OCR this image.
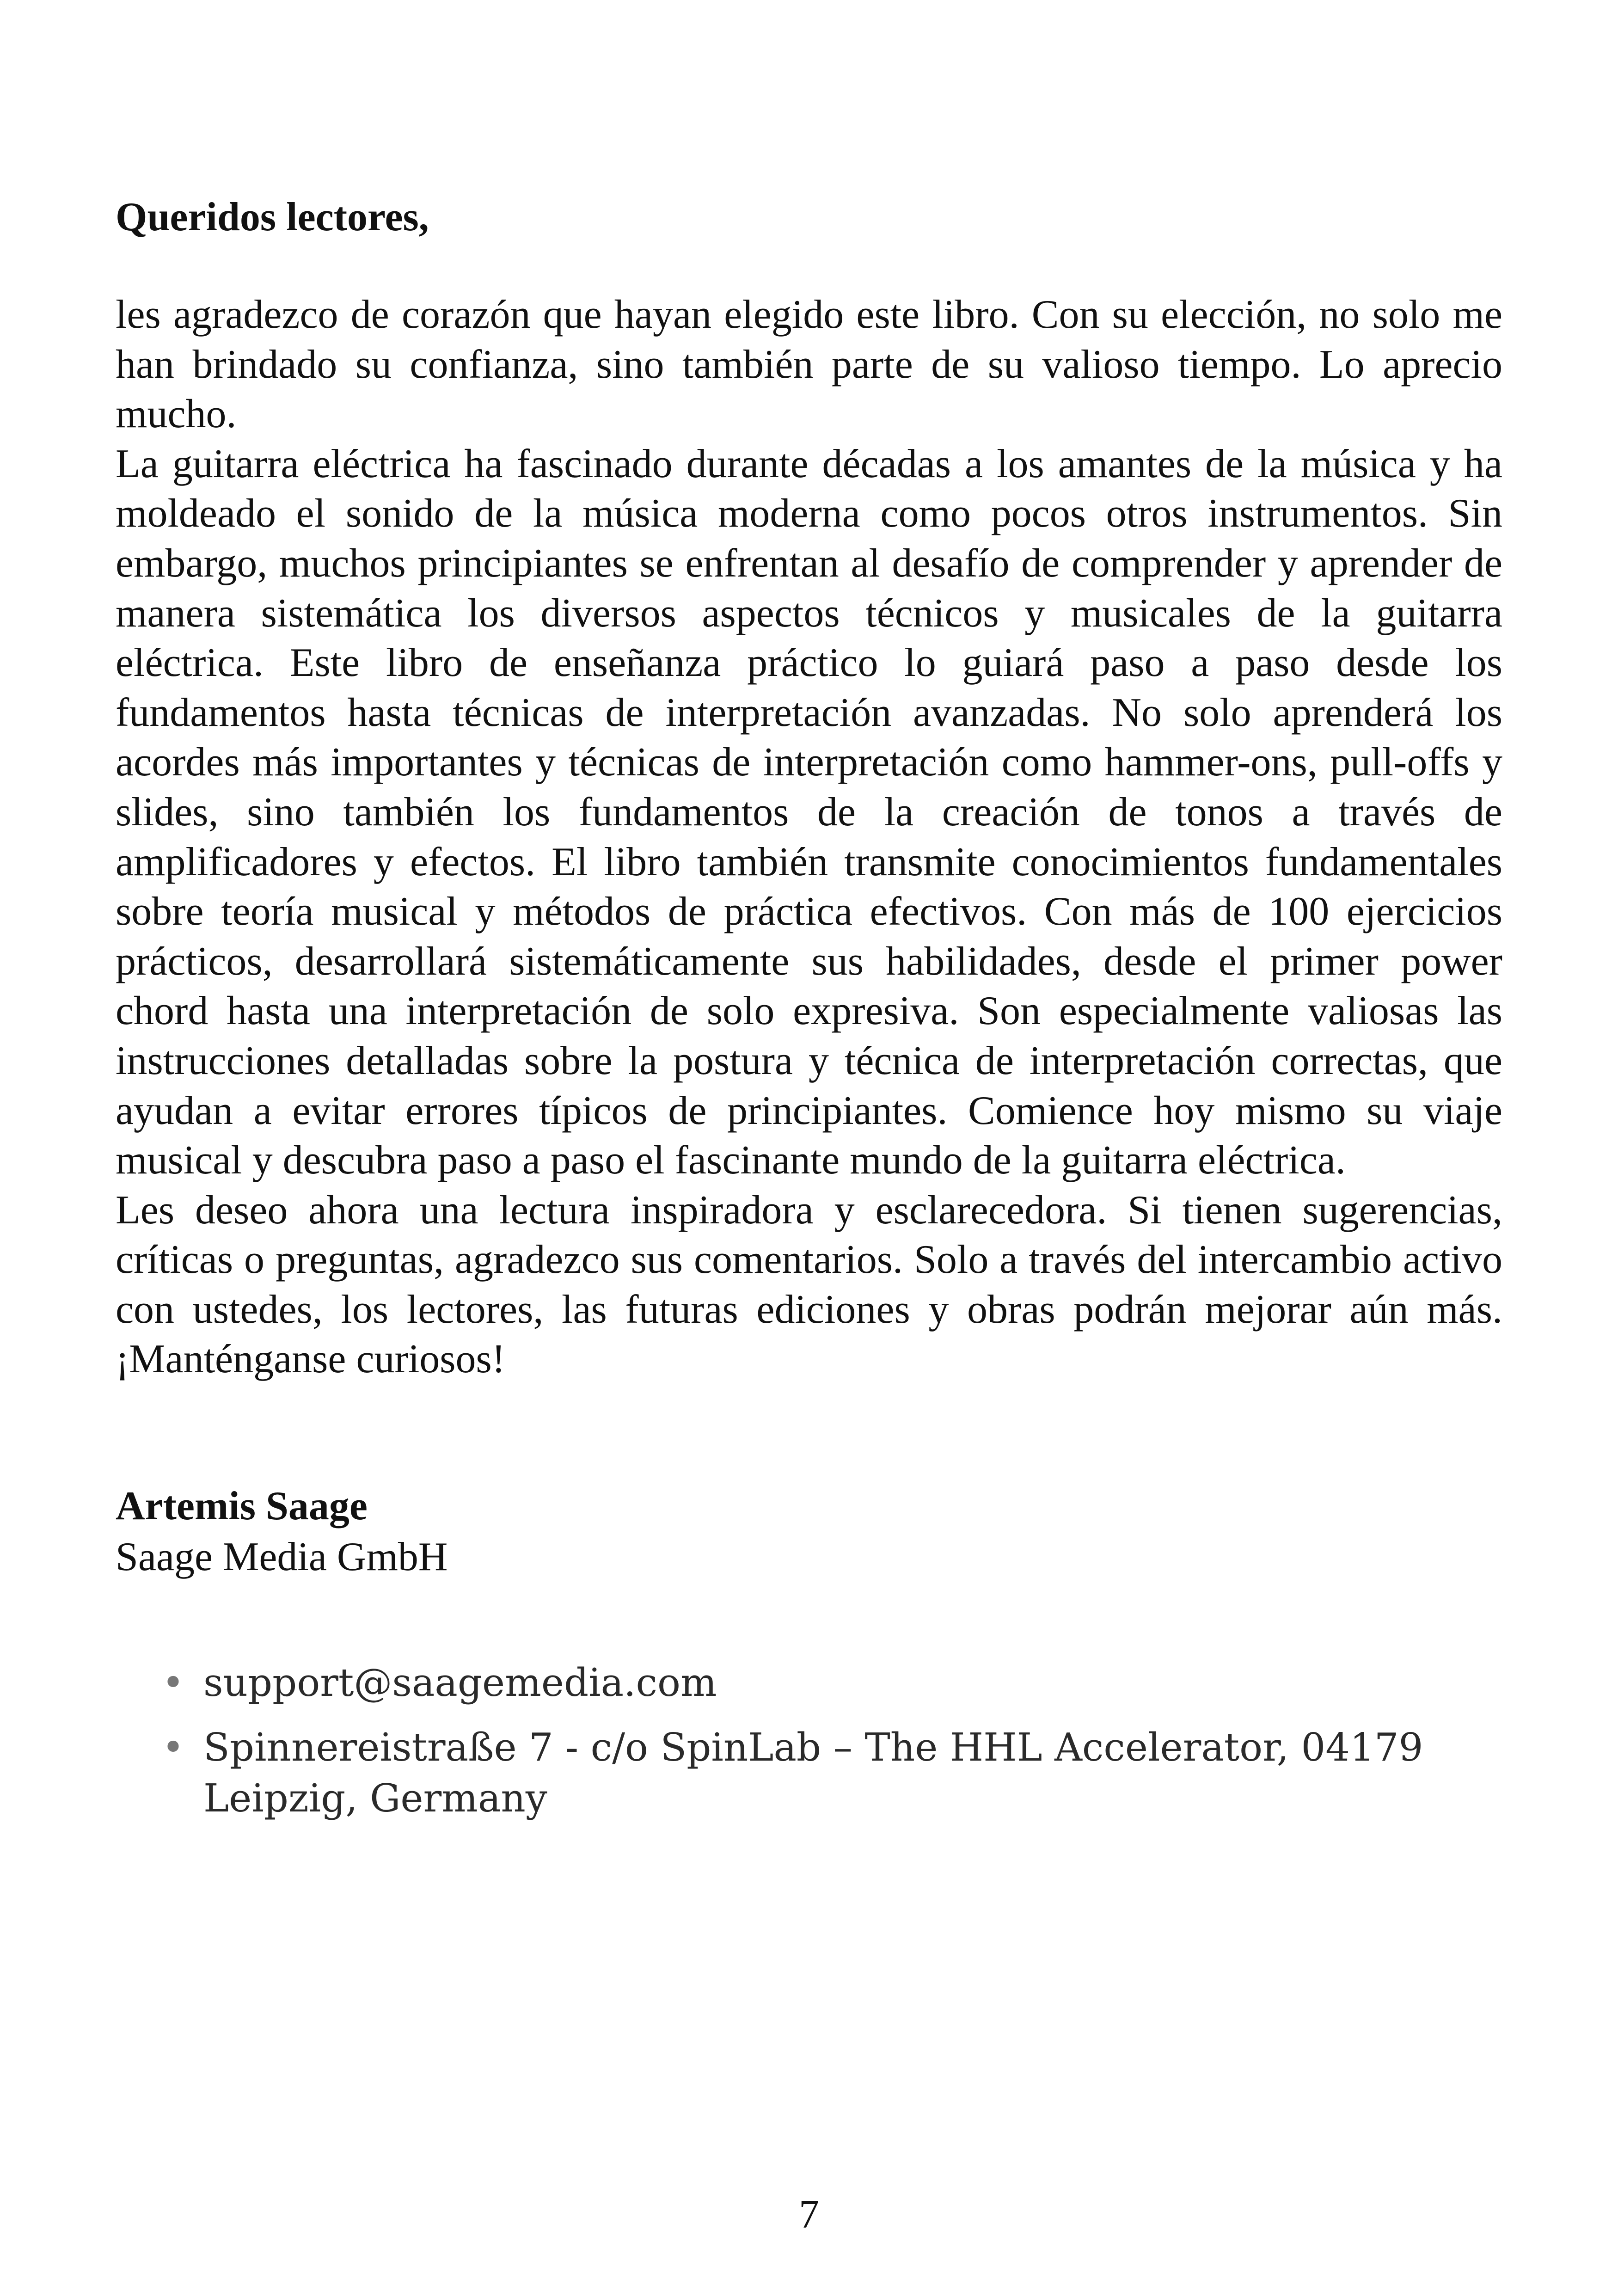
Queridos lectores,

les agradezco de corazón que hayan elegido este libro. Con su elección, no solo me han brindado su confianza, sino también parte de su valioso tiempo. Lo aprecio mucho.

La guitarra eléctrica ha fascinado durante décadas a los amantes de la música y ha moldeado el sonido de la música moderna como pocos otros instrumentos. Sin embargo, muchos principiantes se enfrentan al desafío de comprender y aprender de manera sistemática los diversos aspectos técnicos y musicales de la guitarra eléctrica. Este libro de enseñanza práctico lo guiará paso a paso desde los fundamentos hasta técnicas de interpretación avanzadas. No solo aprenderá los acordes más importantes y técnicas de interpretación como hammer-ons, pull-offs y slides, sino también los fundamentos de la creación de tonos a través de amplificadores y efectos. El libro también transmite conocimientos fundamentales sobre teoría musical y métodos de práctica efectivos. Con más de 100 ejercicios prácticos, desarrollará sistemáticamente sus habilidades, desde el primer power chord hasta una interpretación de solo expresiva. Son especialmente valiosas las instrucciones detalladas sobre la postura y técnica de interpretación correctas, que ayudan a evitar errores típicos de principiantes. Comience hoy mismo su viaje musical y descubra paso a paso el fascinante mundo de la guitarra eléctrica.

Les deseo ahora una lectura inspiradora y esclarecedora. Si tienen sugerencias, críticas o preguntas, agradezco sus comentarios. Solo a través del intercambio activo con ustedes, los lectores, las futuras ediciones y obras podrán mejorar aún más. ¡Manténganse curiosos!

Artemis Saage
Saage Media GmbH
• support@saagemedia.com
• Spinnereistraße 7 - c/o SpinLab – The HHL Accelerator, 04179 Leipzig, Germany
7
